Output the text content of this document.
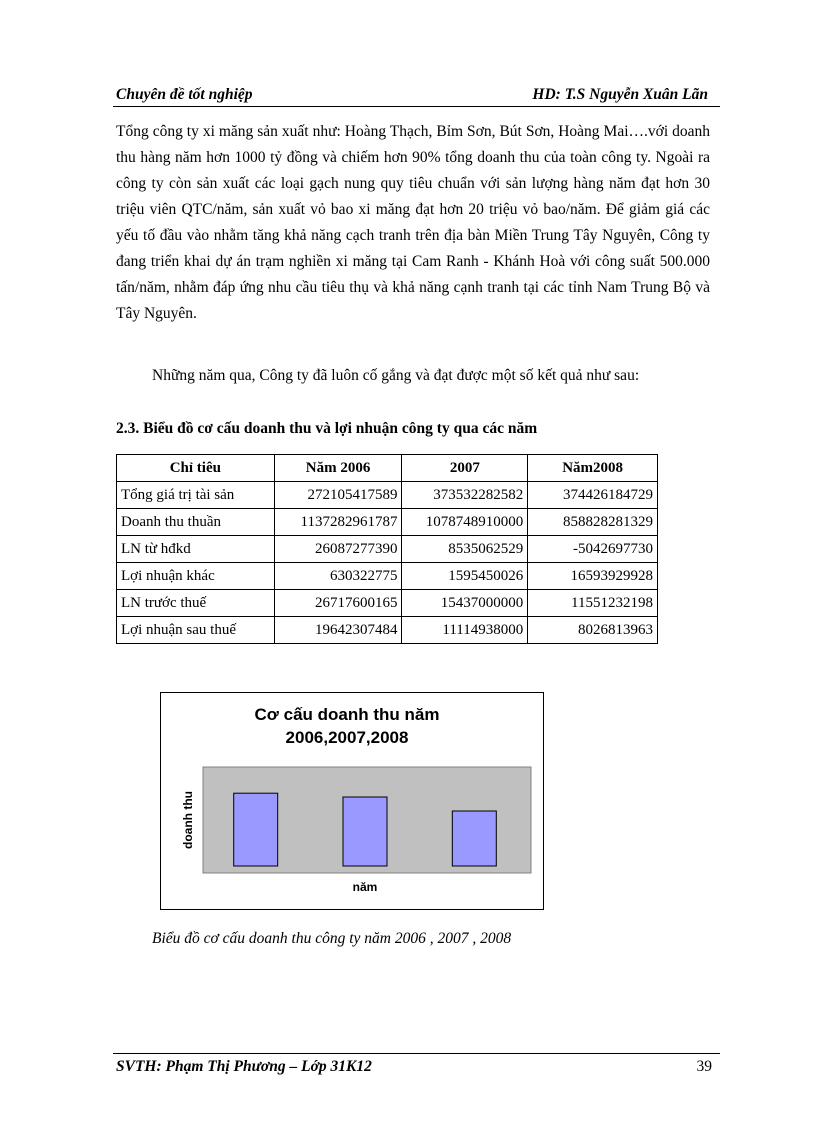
Chuyên đề tốt nghiệp	HD: T.S Nguyễn Xuân Lãn
Tổng công ty xi măng sản xuất như: Hoàng Thạch, Bỉm Sơn, Bút Sơn, Hoàng Mai….với doanh thu hàng năm hơn 1000 tỷ đồng và chiếm hơn 90% tổng doanh thu của toàn công ty. Ngoài ra công ty còn sản xuất các loại gạch nung quy tiêu chuẩn với sản lượng hàng năm đạt hơn 30 triệu viên QTC/năm, sản xuất vỏ bao xi măng đạt hơn 20 triệu vỏ bao/năm. Để giảm giá các yếu tố đầu vào nhằm tăng khả năng cạch tranh trên địa bàn Miền Trung Tây Nguyên, Công ty đang triển khai dự án trạm nghiền xi măng tại Cam Ranh - Khánh Hoà với công suất 500.000 tấn/năm, nhằm đáp ứng nhu cầu tiêu thụ và khả năng cạnh tranh tại các tỉnh Nam Trung Bộ và Tây Nguyên.
Những năm qua, Công ty đã luôn cố gắng và đạt được một số kết quả như sau:
2.3. Biểu đồ cơ cấu doanh thu và lợi nhuận công ty qua các năm
Chỉ tiêu	Năm 2006	2007	Năm2008
Tổng giá trị tài sản	272105417589	373532282582	374426184729
Doanh thu thuần	1137282961787	1078748910000	858828281329
LN từ hđkd	26087277390	8535062529	-5042697730
Lợi nhuận khác	630322775	1595450026	16593929928
LN trước thuế	26717600165	15437000000	11551232198
Lợi nhuận sau thuế	19642307484	11114938000	8026813963
Cơ cấu doanh thu năm
2006,2007,2008
doanh thu
năm
Biểu đồ cơ cấu doanh thu công ty năm 2006 , 2007 , 2008
SVTH: Phạm Thị Phương – Lớp 31K12	39
